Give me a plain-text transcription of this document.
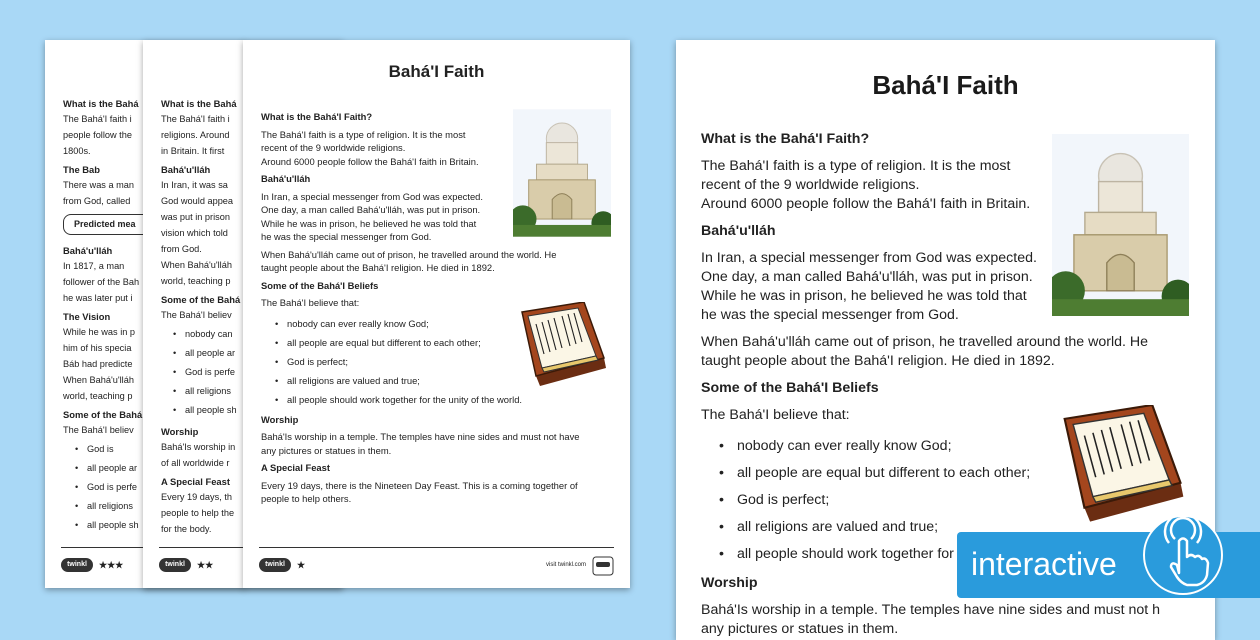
What is the Bahá

The Bahá'I faith i

people follow the

1800s.

The Bab

There was a man

from God, called

Predicted mea
Bahá'u'lláh

In 1817, a man

follower of the Bah

he was later put i

The Vision

While he was in p

him of his specia

Báb had predicte

When Bahá'u'lláh

world, teaching p

Some of the Bahá

The Bahá'I believ

• God is
• all people ar
• God is perfe
• all religions
• all people sh
twinkl	★★★
What is the Bahá

The Bahá'I faith i

religions. Around

in Britain. It first

Bahá'u'lláh

In Iran, it was sa

God would appea

was put in prison

vision which told

from God.

When Bahá'u'lláh

world, teaching p

Some of the Bahá

The Bahá'I believ

• nobody can
• all people ar
• God is perfe
• all religions
• all people sh
Worship

Bahá'Is worship in

of all worldwide r

A Special Feast

Every 19 days, th

people to help the

for the body.

twinkl	★★
Bahá'I Faith
What is the Bahá'I Faith?

The Bahá'I faith is a type of religion. It is the most
recent of the 9 worldwide religions.
Around 6000 people follow the Bahá'I faith in Britain.

Bahá'u'lláh

In Iran, a special messenger from God was expected.
One day, a man called Bahá'u'lláh, was put in prison.
While he was in prison, he believed he was told that
he was the special messenger from God.

When Bahá'u'lláh came out of prison, he travelled around the world. He
taught people about the Bahá'I religion. He died in 1892.

Some of the Bahá'I Beliefs

The Bahá'I believe that:

• nobody can ever really know God;
• all people are equal but different to each other;
• God is perfect;
• all religions are valued and true;
• all people should work together for the unity of the world.
Worship

Bahá'Is worship in a temple. The temples have nine sides and must not have
any pictures or statues in them.

A Special Feast

Every 19 days, there is the Nineteen Day Feast. This is a coming together of
people to help others.

twinkl	★	visit twinkl.com
Bahá'I Faith
What is the Bahá'I Faith?

The Bahá'I faith is a type of religion. It is the most
recent of the 9 worldwide religions.
Around 6000 people follow the Bahá'I faith in Britain.

Bahá'u'lláh

In Iran, a special messenger from God was expected.
One day, a man called Bahá'u'lláh, was put in prison.
While he was in prison, he believed he was told that
he was the special messenger from God.

When Bahá'u'lláh came out of prison, he travelled around the world. He
taught people about the Bahá'I religion. He died in 1892.

Some of the Bahá'I Beliefs

The Bahá'I believe that:

• nobody can ever really know God;
• all people are equal but different to each other;
• God is perfect;
• all religions are valued and true;
• all people should work together for
Worship

Bahá'Is worship in a temple. The temples have nine sides and must not h
any pictures or statues in them.

interactive
